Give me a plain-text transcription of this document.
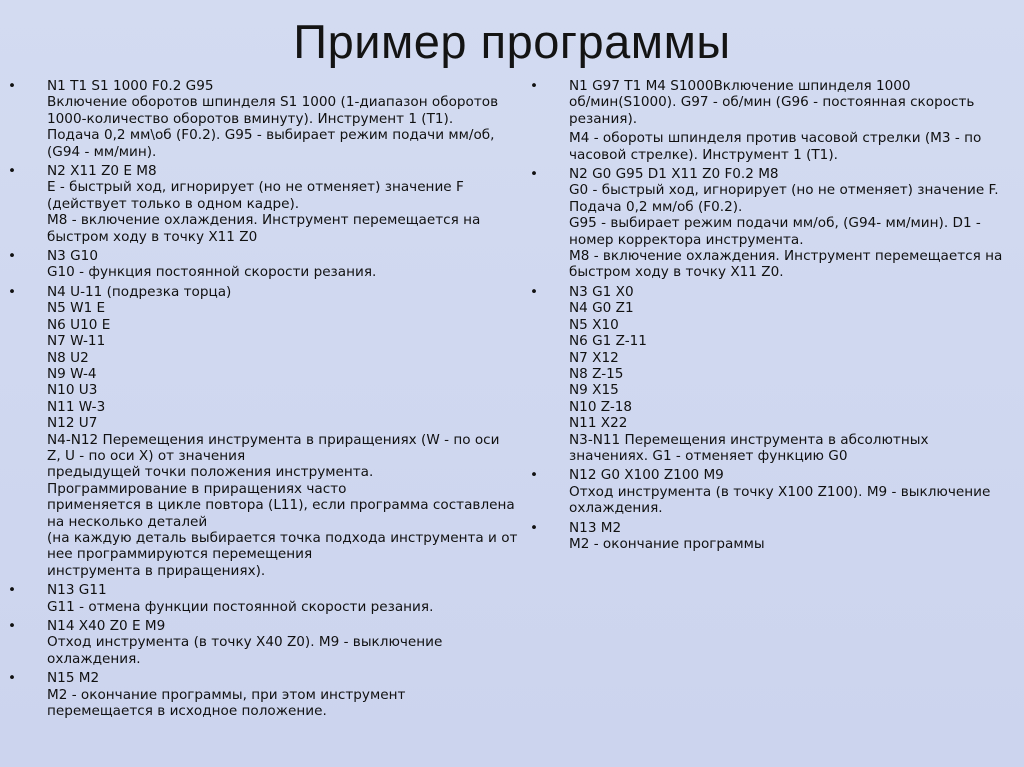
Пример программы
• N1 T1 S1 1000 F0.2 G95
Включение оборотов шпинделя S1 1000 (1-диапазон оборотов
1000-количество оборотов вминуту). Инструмент 1 (T1).
Подача 0,2 мм\об (F0.2). G95 - выбирает режим подачи мм/об,
(G94 - мм/мин).
• N2 X11 Z0 E M8
E - быстрый ход, игнорирует (но не отменяет) значение F
(действует только в одном кадре).
M8 - включение охлаждения. Инструмент перемещается на
быстром ходу в точку X11 Z0
• N3 G10
G10 - функция постоянной скорости резания.
• N4 U-11 (подрезка торца)
N5 W1 E
N6 U10 E
N7 W-11
N8 U2
N9 W-4
N10 U3
N11 W-3
N12 U7
N4-N12 Перемещения инструмента в приращениях (W - по оси
Z, U - по оси X) от значения
предыдущей точки положения инструмента.
Программирование в приращениях часто
применяется в цикле повтора (L11), если программа составлена
на несколько деталей
(на каждую деталь выбирается точка подхода инструмента и от
нее программируются перемещения
инструмента в приращениях).
• N13 G11
G11 - отмена функции постоянной скорости резания.
• N14 X40 Z0 E M9
Отход инструмента (в точку X40 Z0). M9 - выключение
охлаждения.
• N15 M2
M2 - окончание программы, при этом инструмент
перемещается в исходное положение.
• N1 G97 T1 M4 S1000Включение шпинделя 1000
об/мин(S1000). G97 - об/мин (G96 - постоянная скорость
резания).
M4 - обороты шпинделя против часовой стрелки (M3 - по
часовой стрелке). Инструмент 1 (T1).
• N2 G0 G95 D1 X11 Z0 F0.2 M8
G0 - быстрый ход, игнорирует (но не отменяет) значение F.
Подача 0,2 мм/об (F0.2).
G95 - выбирает режим подачи мм/об, (G94- мм/мин). D1 -
номер корректора инструмента.
M8 - включение охлаждения. Инструмент перемещается на
быстром ходу в точку X11 Z0.
• N3 G1 X0
N4 G0 Z1
N5 X10
N6 G1 Z-11
N7 X12
N8 Z-15
N9 X15
N10 Z-18
N11 X22
N3-N11 Перемещения инструмента в абсолютных
значениях. G1 - отменяет функцию G0
• N12 G0 X100 Z100 M9
Отход инструмента (в точку X100 Z100). M9 - выключение
охлаждения.
• N13 M2
M2 - окончание программы
